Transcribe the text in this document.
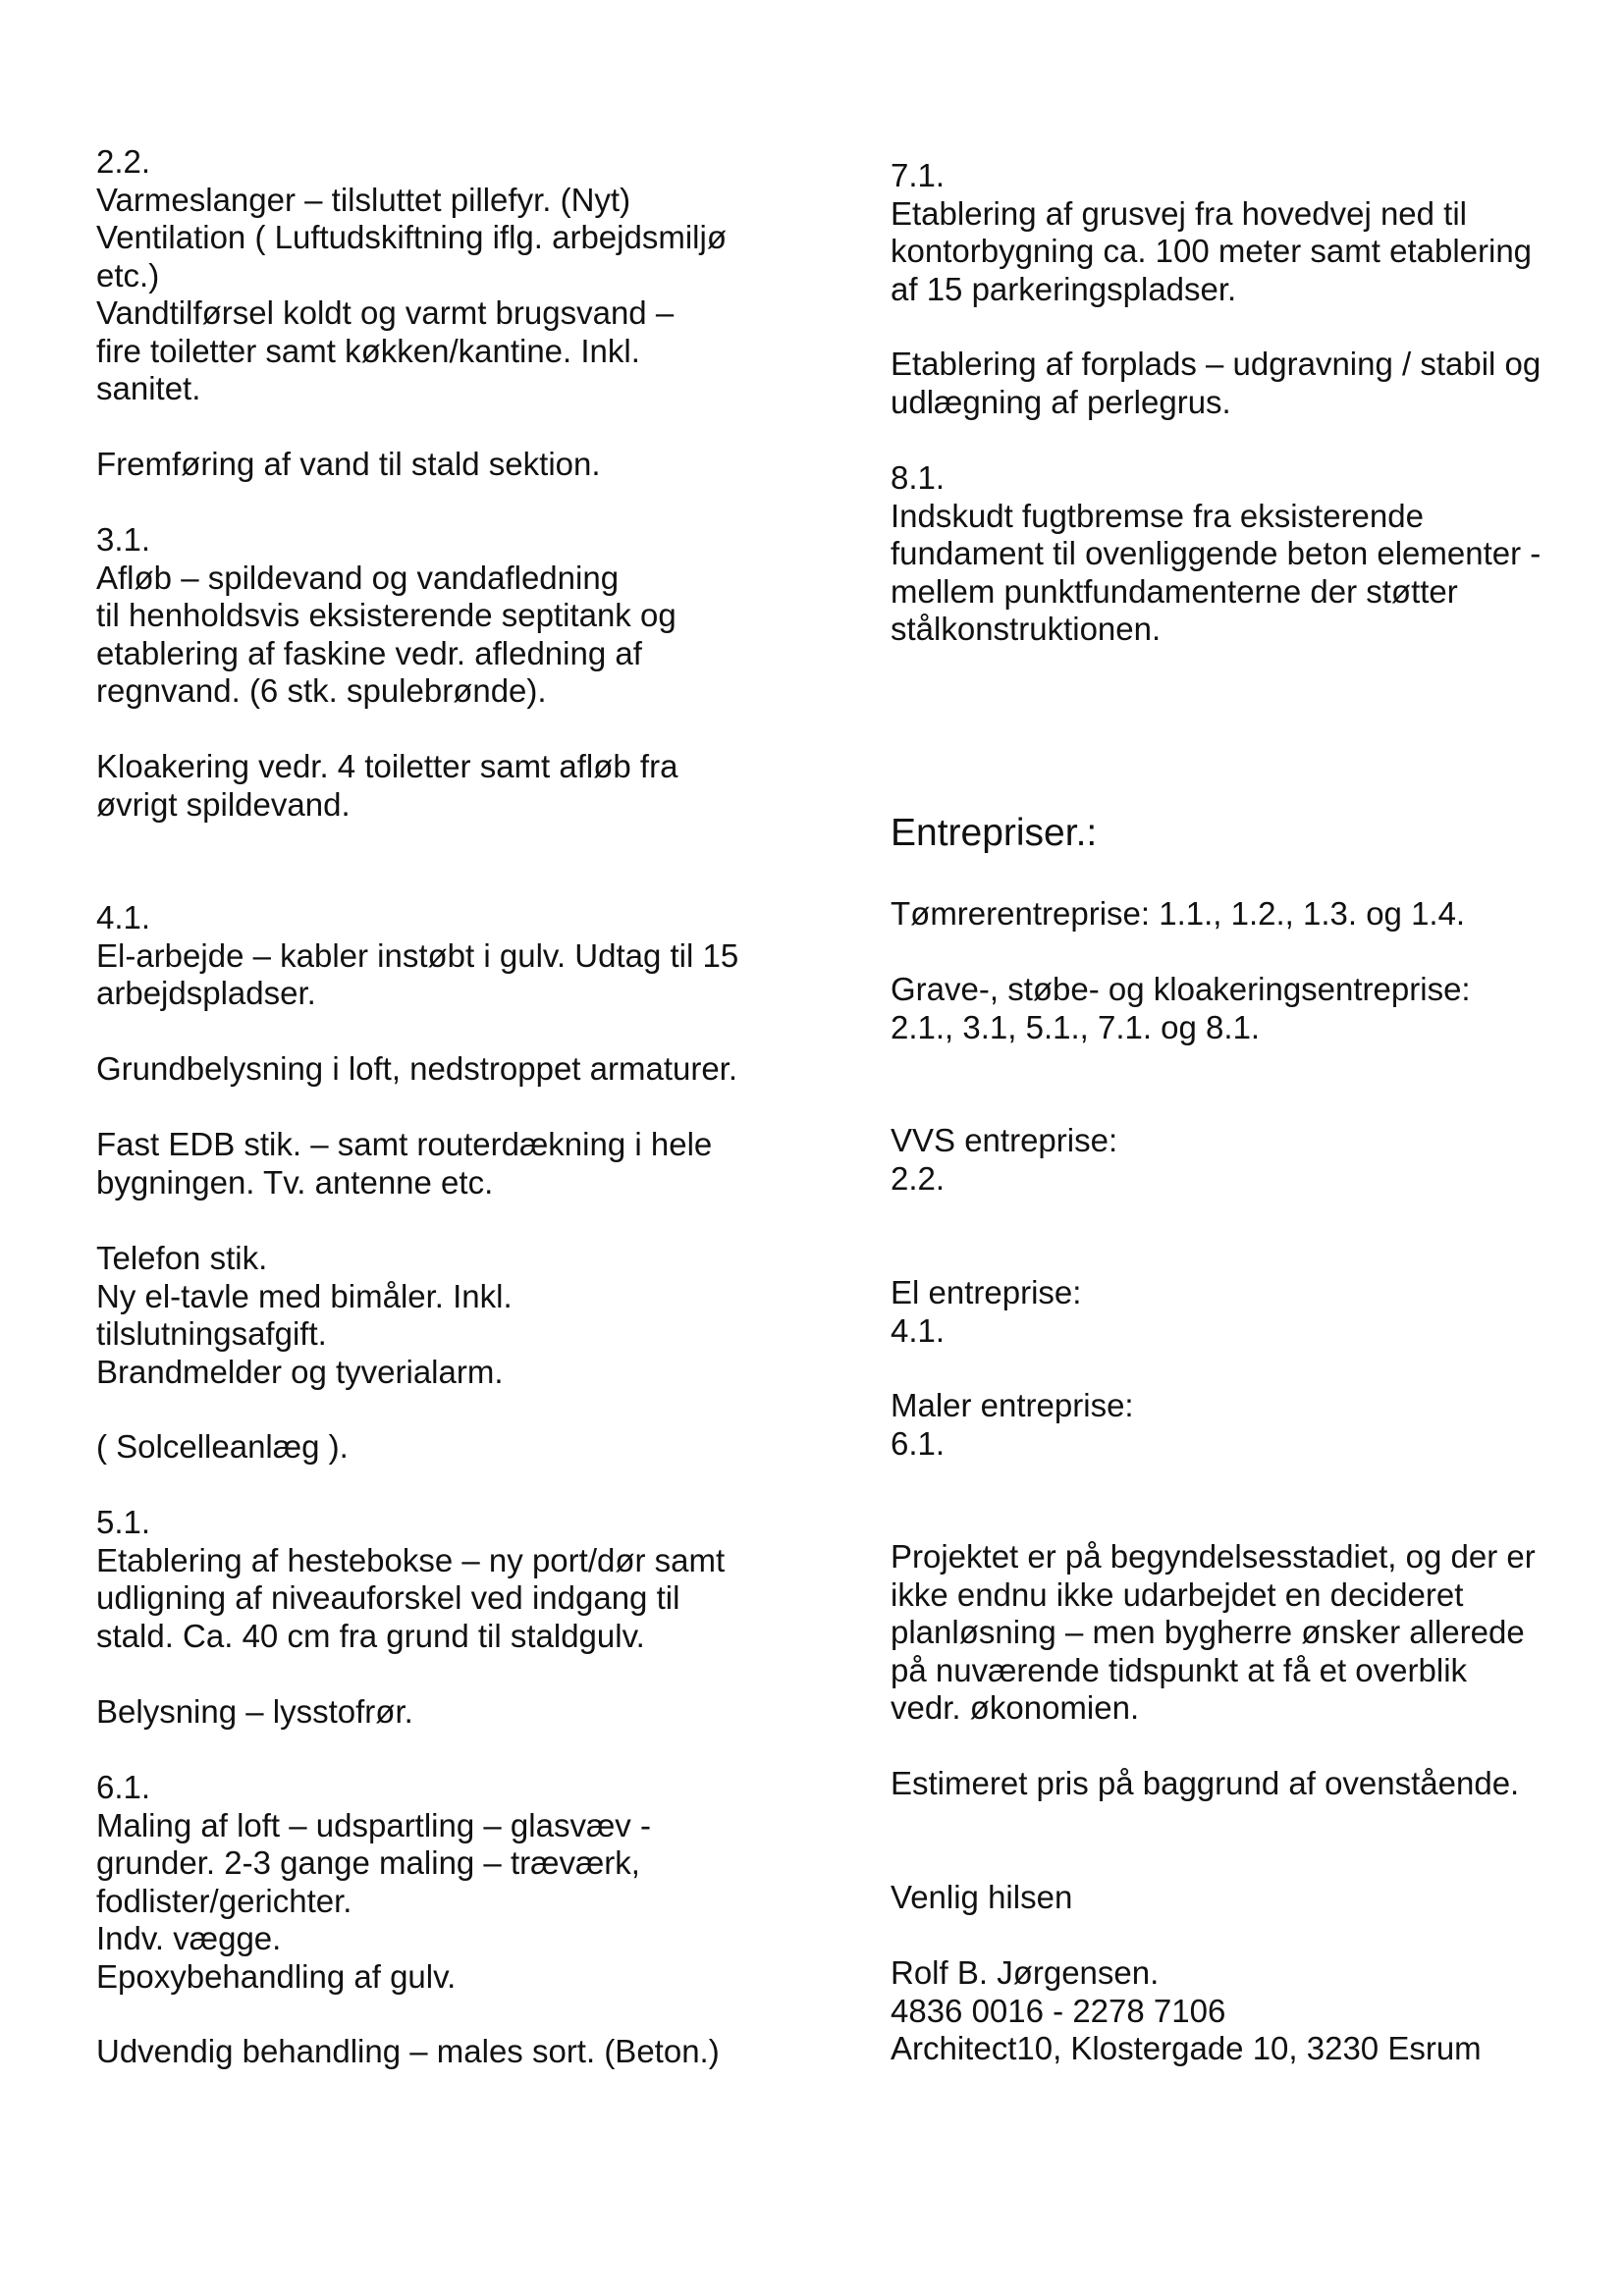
2.2.
Varmeslanger – tilsluttet pillefyr. (Nyt)
Ventilation ( Luftudskiftning iflg. arbejdsmiljø
etc.)
Vandtilførsel koldt og varmt brugsvand –
fire toiletter samt køkken/kantine. Inkl.
sanitet.
Fremføring af vand til stald sektion.
3.1.
Afløb – spildevand og vandafledning
til henholdsvis eksisterende septitank og
etablering af faskine vedr. afledning af
regnvand. (6 stk. spulebrønde).
Kloakering vedr. 4 toiletter samt afløb fra
øvrigt spildevand.
4.1.
El-arbejde – kabler instøbt i gulv. Udtag til 15
arbejdspladser.
Grundbelysning i loft, nedstroppet armaturer.
Fast EDB stik. – samt routerdækning i hele
bygningen. Tv. antenne etc.
Telefon stik.
Ny el-tavle med bimåler. Inkl.
tilslutningsafgift.
Brandmelder og tyverialarm.
( Solcelleanlæg ).
5.1.
Etablering af hestebokse – ny port/dør samt
udligning af niveauforskel ved indgang til
stald. Ca. 40 cm fra grund til staldgulv.
Belysning – lysstofrør.
6.1.
Maling af loft – udspartling – glasvæv -
grunder. 2-3 gange maling – træværk,
fodlister/gerichter.
Indv. vægge.
Epoxybehandling af gulv.
Udvendig behandling – males sort. (Beton.)
7.1.
Etablering af grusvej fra hovedvej ned til
kontorbygning ca. 100 meter samt etablering
af 15 parkeringspladser.
Etablering af forplads – udgravning / stabil og
udlægning af perlegrus.
8.1.
Indskudt fugtbremse fra eksisterende
fundament til ovenliggende beton elementer -
mellem punktfundamenterne der støtter
stålkonstruktionen.
Entrepriser.:
Tømrerentreprise: 1.1., 1.2., 1.3. og 1.4.
Grave-, støbe- og kloakeringsentreprise:
2.1., 3.1, 5.1., 7.1. og 8.1.
VVS entreprise:
2.2.
El entreprise:
4.1.
Maler entreprise:
6.1.
Projektet er på begyndelsesstadiet, og der er
ikke endnu ikke udarbejdet en decideret
planløsning – men bygherre ønsker allerede
på nuværende tidspunkt at få et overblik
vedr. økonomien.
Estimeret pris på baggrund af ovenstående.
Venlig hilsen
Rolf B. Jørgensen.
4836 0016 - 2278 7106
Architect10, Klostergade 10, 3230 Esrum
